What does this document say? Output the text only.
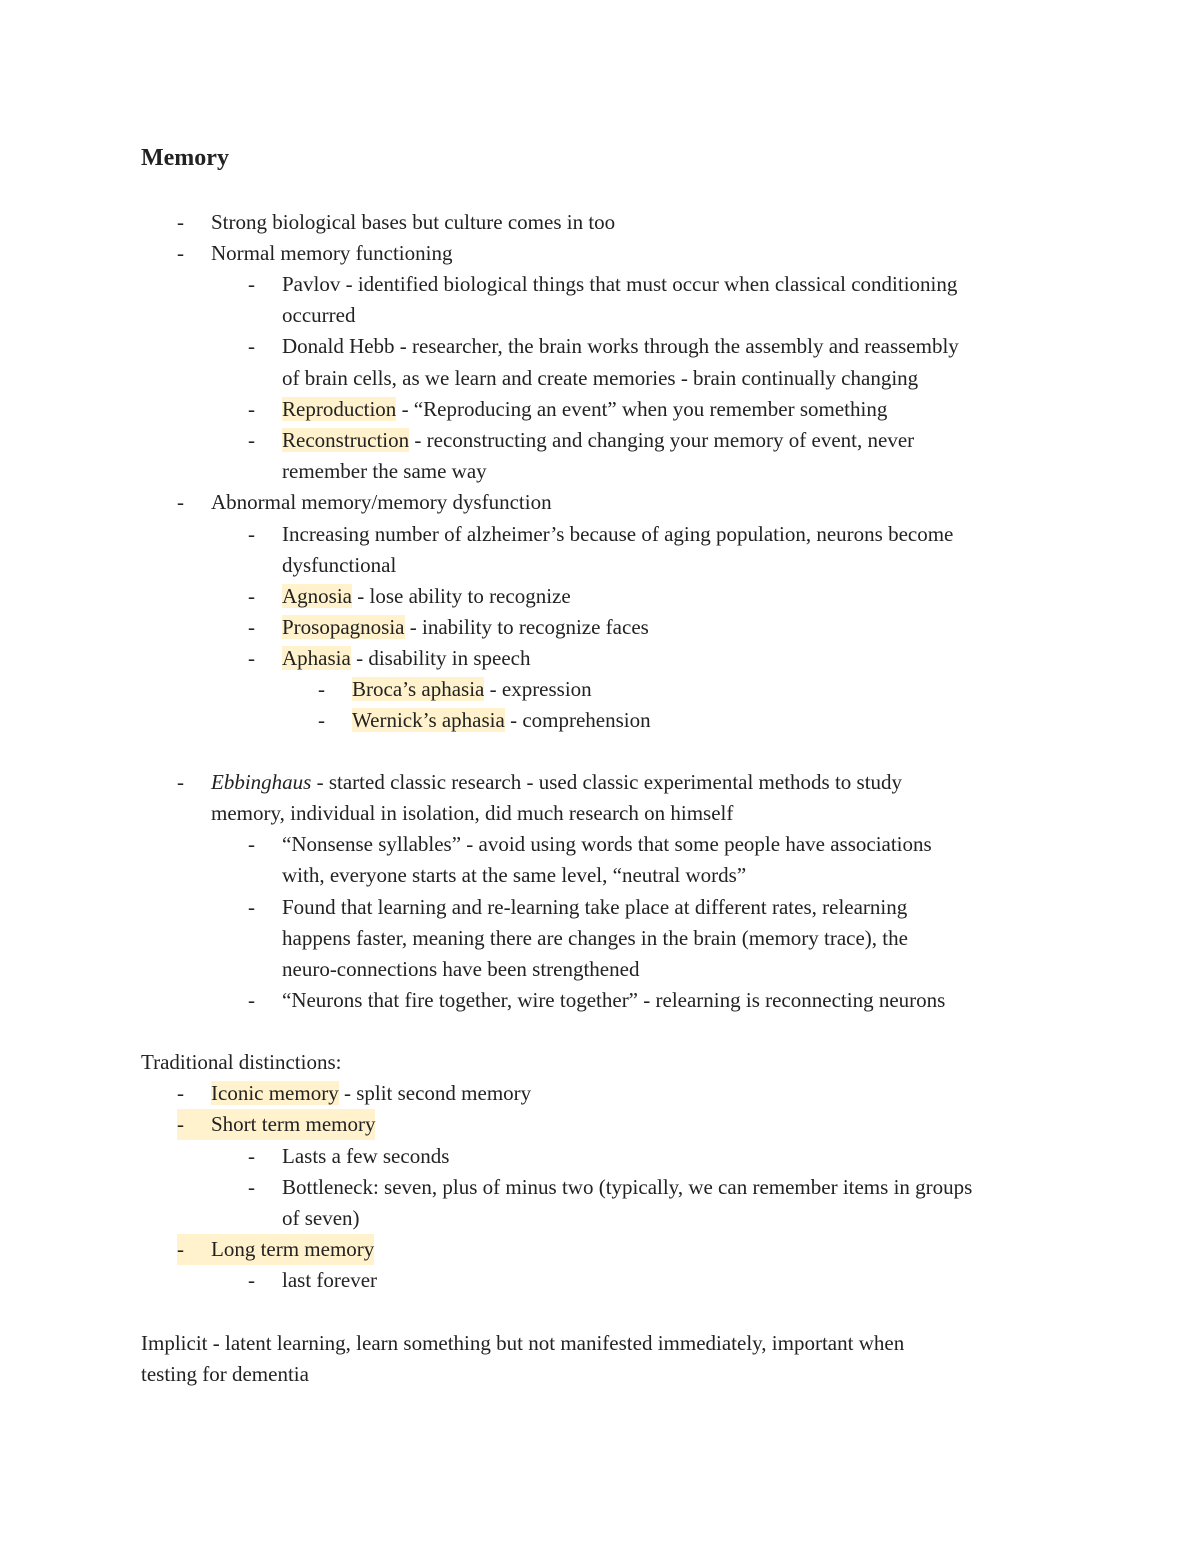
Memory
- Strong biological bases but culture comes in too
- Normal memory functioning
- Pavlov - identified biological things that must occur when classical conditioning
occurred
- Donald Hebb - researcher, the brain works through the assembly and reassembly
of brain cells, as we learn and create memories - brain continually changing
- Reproduction - “Reproducing an event” when you remember something
- Reconstruction - reconstructing and changing your memory of event, never
remember the same way
- Abnormal memory/memory dysfunction
- Increasing number of alzheimer’s because of aging population, neurons become
dysfunctional
- Agnosia - lose ability to recognize
- Prosopagnosia - inability to recognize faces
- Aphasia - disability in speech
- Broca’s aphasia - expression
- Wernick’s aphasia - comprehension
- Ebbinghaus - started classic research - used classic experimental methods to study
memory, individual in isolation, did much research on himself
- “Nonsense syllables” - avoid using words that some people have associations
with, everyone starts at the same level, “neutral words”
- Found that learning and re-learning take place at different rates, relearning
happens faster, meaning there are changes in the brain (memory trace), the
neuro-connections have been strengthened
- “Neurons that fire together, wire together” - relearning is reconnecting neurons
Traditional distinctions:
- Iconic memory - split second memory
-	Short term memory
- Lasts a few seconds
- Bottleneck: seven, plus of minus two (typically, we can remember items in groups
of seven)
-	Long term memory
- last forever
Implicit - latent learning, learn something but not manifested immediately, important when
testing for dementia
